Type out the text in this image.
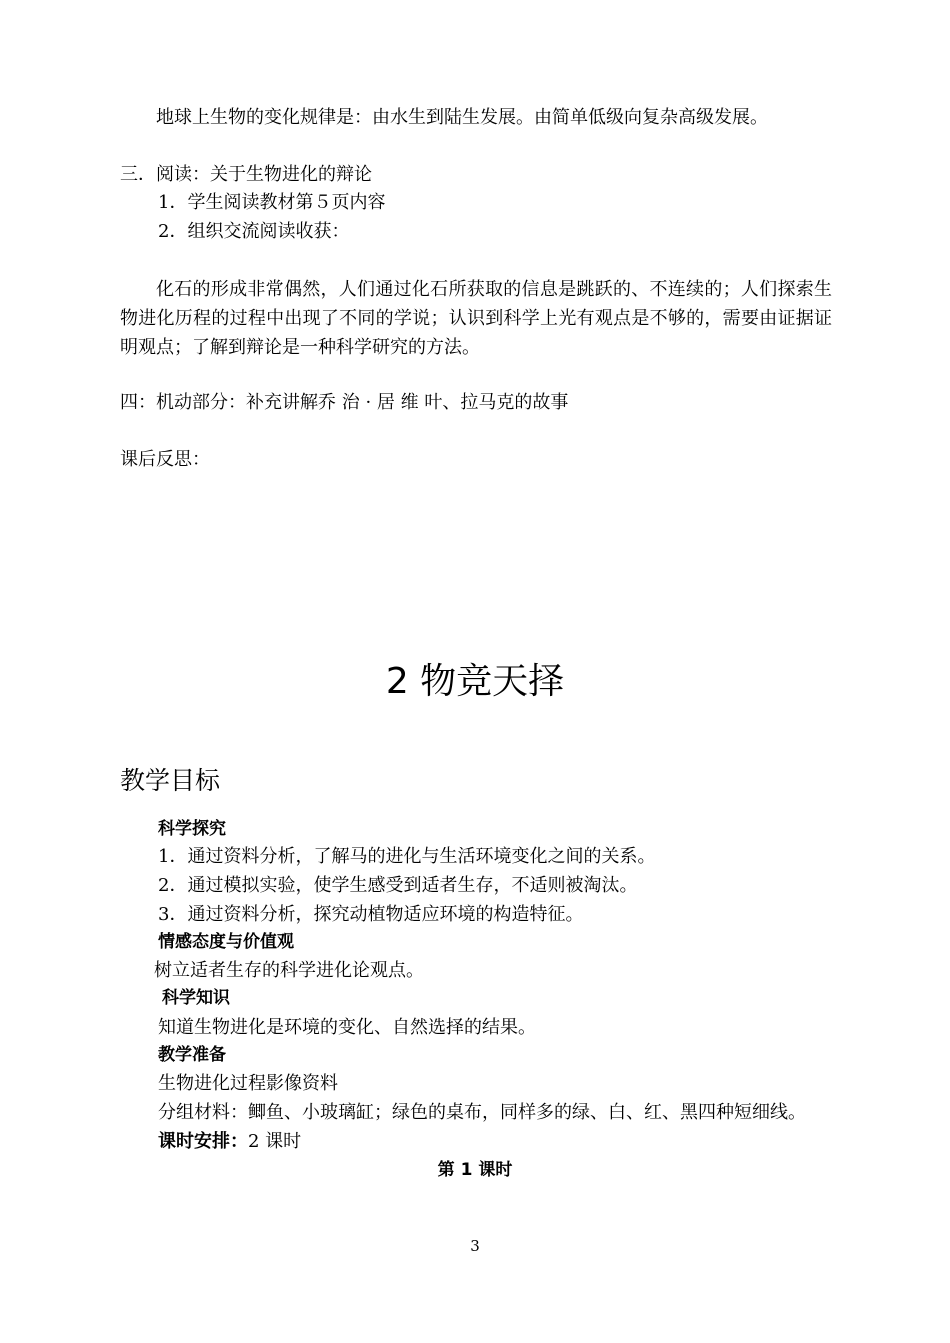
地球上生物的变化规律是：由水生到陆生发展。由简单低级向复杂高级发展。
三．阅读：关于生物进化的辩论
1．学生阅读教材第５页内容
2．组织交流阅读收获：
化石的形成非常偶然，人们通过化石所获取的信息是跳跃的、不连续的；人们探索生物进化历程的过程中出现了不同的学说；认识到科学上光有观点是不够的，需要由证据证明观点；了解到辩论是一种科学研究的方法。
四：机动部分：补充讲解乔 治 · 居 维 叶、拉马克的故事
课后反思：
2 物竞天择
教学目标
科学探究
1．通过资料分析，了解马的进化与生活环境变化之间的关系。
2．通过模拟实验，使学生感受到适者生存，不适则被淘汰。
3．通过资料分析，探究动植物适应环境的构造特征。
情感态度与价值观
树立适者生存的科学进化论观点。
科学知识
知道生物进化是环境的变化、自然选择的结果。
教学准备
生物进化过程影像资料
分组材料：鲫鱼、小玻璃缸；绿色的桌布，同样多的绿、白、红、黑四种短细线。
课时安排：2 课时
第 1 课时
3
